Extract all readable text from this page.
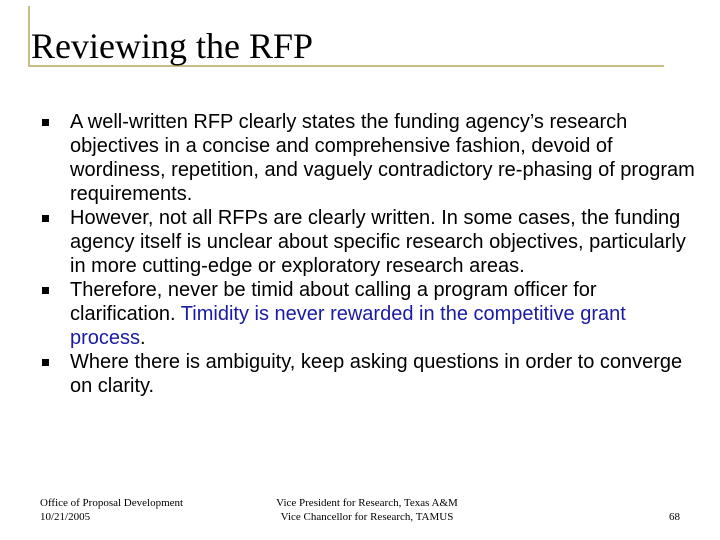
Reviewing the RFP
A well-written RFP clearly states the funding agency’s research objectives in a concise and comprehensive fashion, devoid of wordiness, repetition, and vaguely contradictory re-phasing of program requirements.
However, not all RFPs are clearly written. In some cases, the funding agency itself is unclear about specific research objectives, particularly in more cutting-edge or exploratory research areas.
Therefore, never be timid about calling a program officer for clarification. Timidity is never rewarded in the competitive grant process.
Where there is ambiguity, keep asking questions in order to converge on clarity.
Office of Proposal Development
10/21/2005
Vice President for Research, Texas A&M
Vice Chancellor for Research, TAMUS	68
